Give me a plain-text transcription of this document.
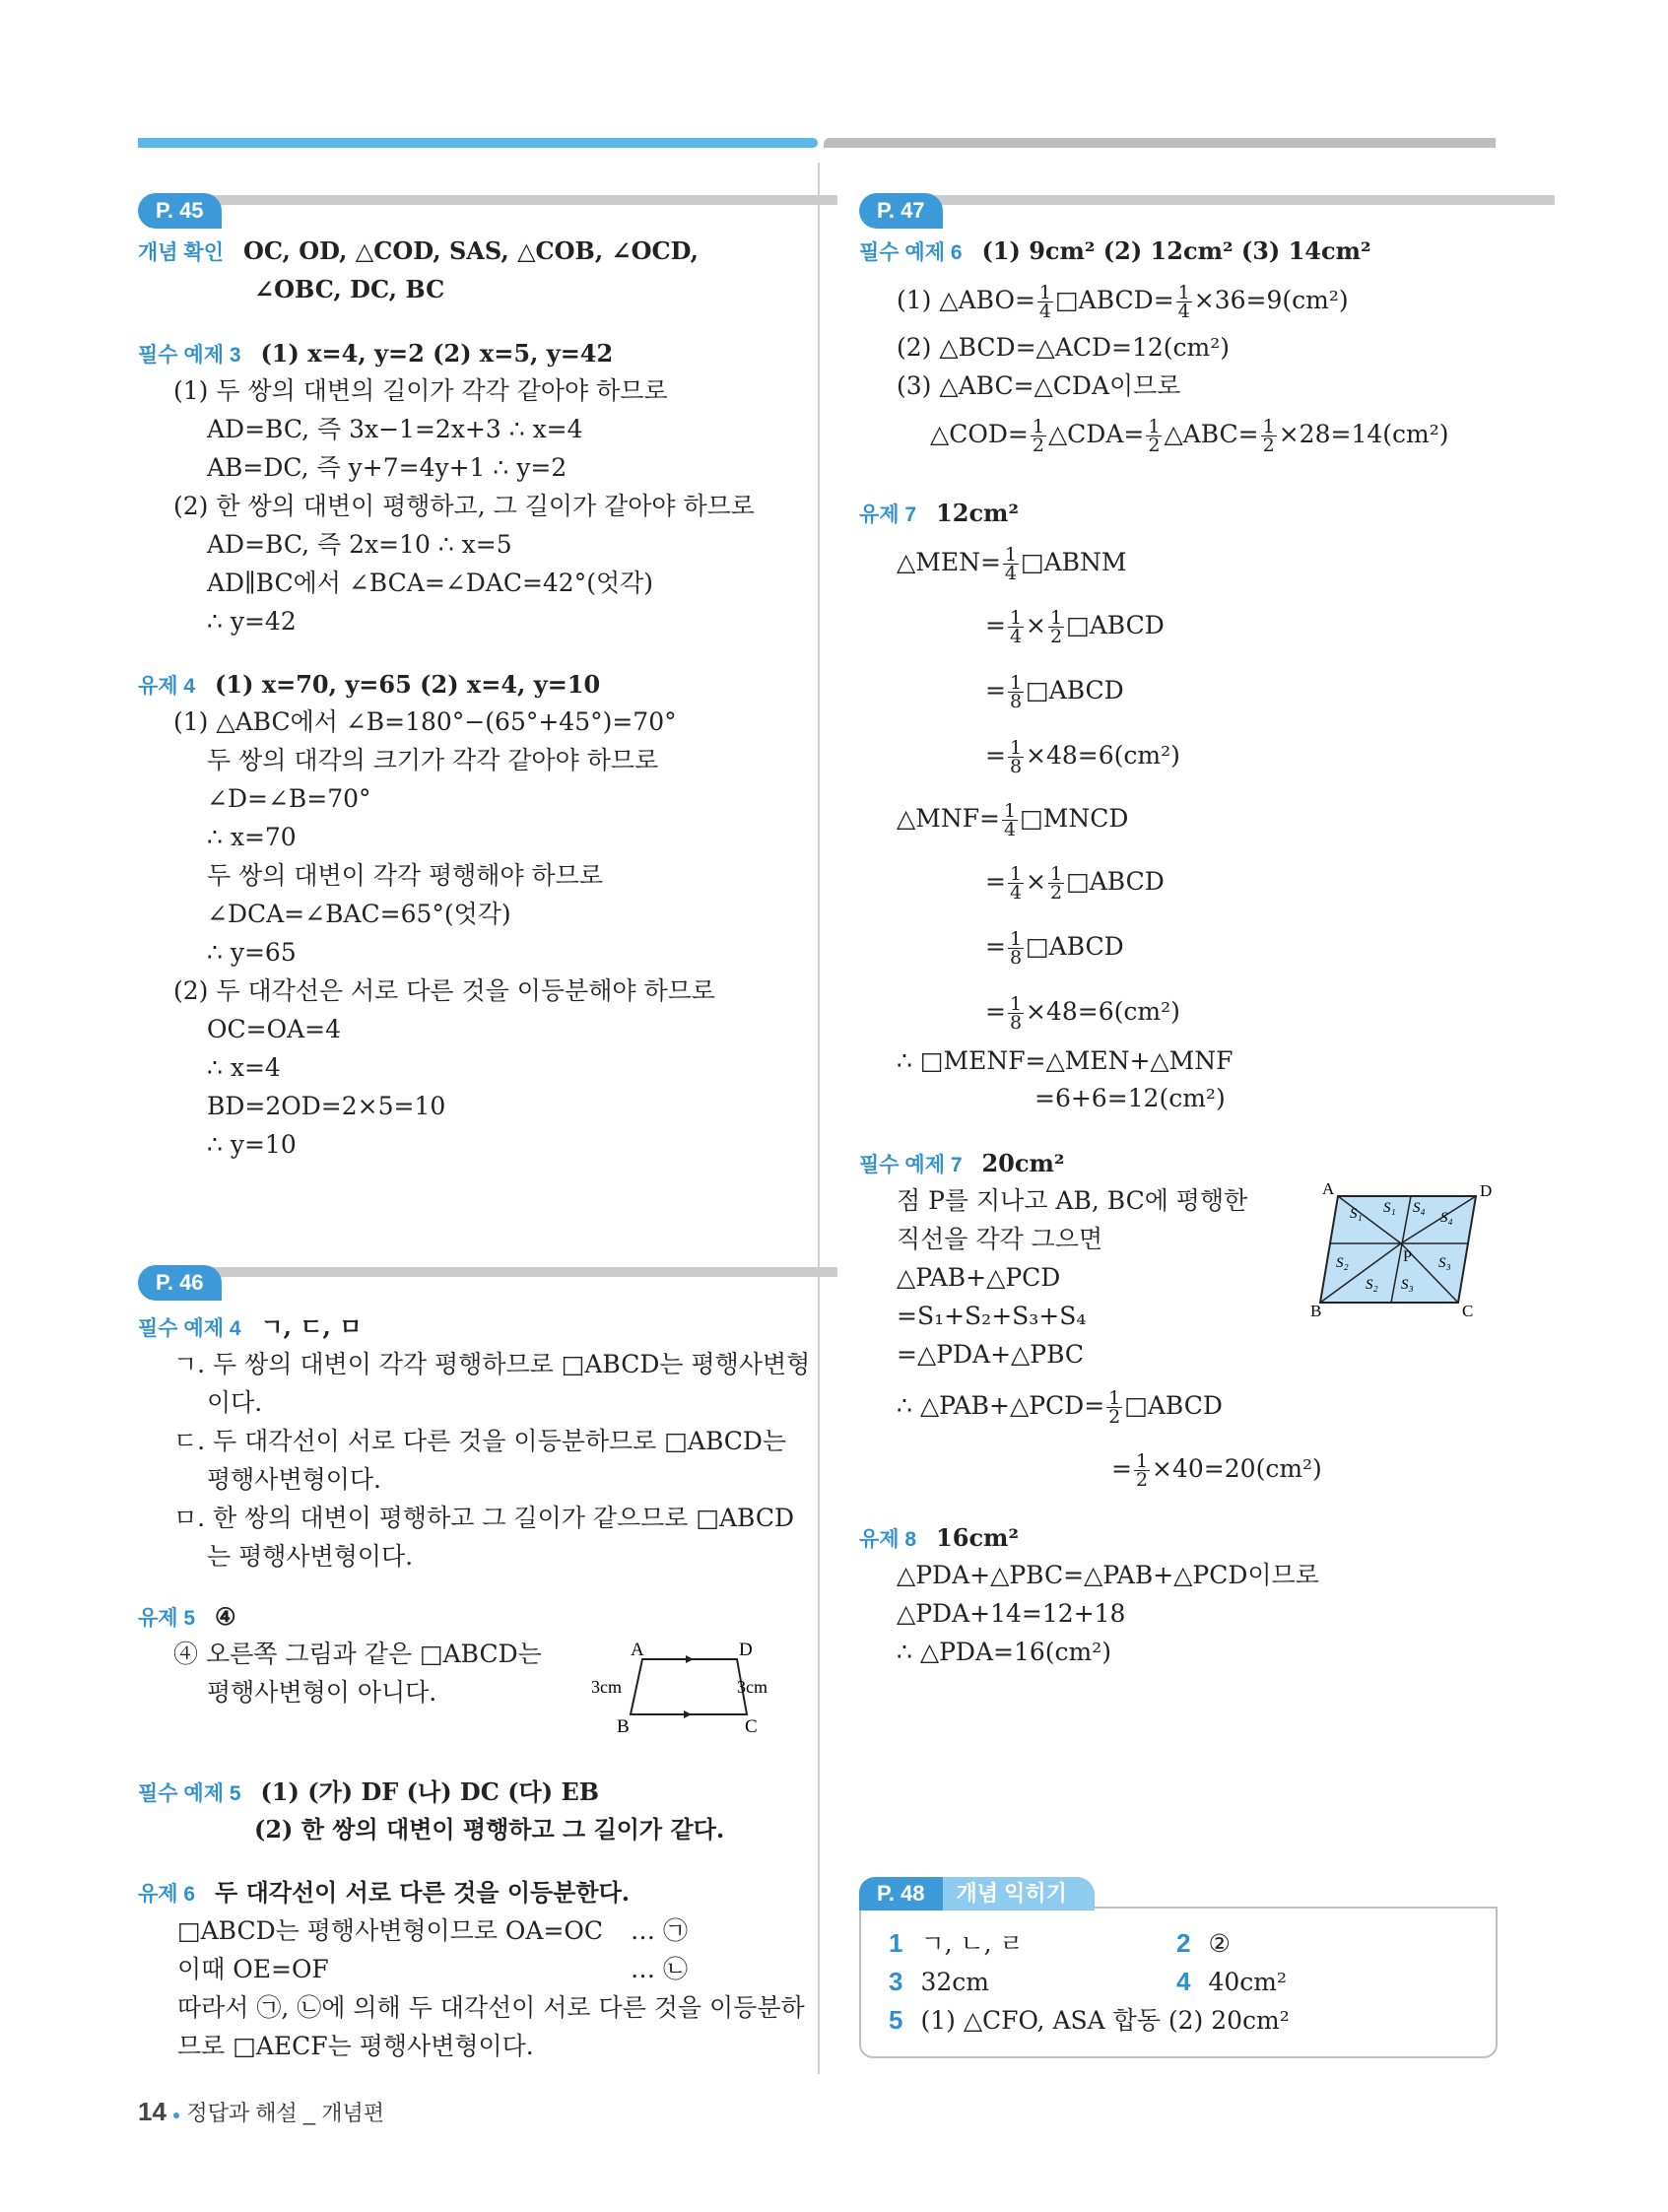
P. 45
개념 확인 OC, OD, △COD, SAS, △COB, ∠OCD,
∠OBC, DC, BC
필수 예제 3 (1) x=4, y=2 (2) x=5, y=42
(1) 두 쌍의 대변의 길이가 각각 같아야 하므로
AD=BC, 즉 3x−1=2x+3 ∴ x=4
AB=DC, 즉 y+7=4y+1 ∴ y=2
(2) 한 쌍의 대변이 평행하고, 그 길이가 같아야 하므로
AD=BC, 즉 2x=10 ∴ x=5
AD∥BC에서 ∠BCA=∠DAC=42°(엇각)
∴ y=42
유제 4 (1) x=70, y=65 (2) x=4, y=10
(1) △ABC에서 ∠B=180°−(65°+45°)=70°
두 쌍의 대각의 크기가 각각 같아야 하므로
∠D=∠B=70°
∴ x=70
두 쌍의 대변이 각각 평행해야 하므로
∠DCA=∠BAC=65°(엇각)
∴ y=65
(2) 두 대각선은 서로 다른 것을 이등분해야 하므로
OC=OA=4
∴ x=4
BD=2OD=2×5=10
∴ y=10
P. 46
필수 예제 4 ㄱ, ㄷ, ㅁ
ㄱ. 두 쌍의 대변이 각각 평행하므로 □ABCD는 평행사변형
이다.
ㄷ. 두 대각선이 서로 다른 것을 이등분하므로 □ABCD는
평행사변형이다.
ㅁ. 한 쌍의 대변이 평행하고 그 길이가 같으므로 □ABCD
는 평행사변형이다.
유제 5 ④
④ 오른쪽 그림과 같은 □ABCD는
평행사변형이 아니다.
A	D
B	C
3cm	3cm
필수 예제 5 (1) (가) DF (나) DC (다) EB
(2) 한 쌍의 대변이 평행하고 그 길이가 같다.
유제 6 두 대각선이 서로 다른 것을 이등분한다.
□ABCD는 평행사변형이므로 OA=OC
이때 OE=OF
따라서 ㉠, ㉡에 의해 두 대각선이 서로 다른 것을 이등분하
므로 □AECF는 평행사변형이다.
… ㉠
… ㉡
P. 47
필수 예제 6 (1) 9cm² (2) 12cm² (3) 14cm²
(1) △ABO= $\frac{1}{4}$ □ABCD= $\frac{1}{4} \times 36=9(cm^2)$
(2) △BCD=△ACD=12(cm²)
(3) △ABC=△CDA이므로
△COD= $\frac{1}{2}$ △CDA= $\frac{1}{2}$ △ABC= $\frac{1}{2} \times 28=14(cm^2)$
유제 7 12cm²
△MEN= $\frac{1}{4}$ □ABNM
= $\frac{1}{4} \times \frac{1}{2}$ □ABCD
= $\frac{1}{8}$ □ABCD
= $\frac{1}{8} \times 48=6(cm^2)$
△MNF= $\frac{1}{4}$ □MNCD
= $\frac{1}{4} \times \frac{1}{2}$ □ABCD
= $\frac{1}{8}$ □ABCD
= $\frac{1}{8} \times 48=6(cm^2)$
∴ □MENF=△MEN+△MNF
=6+6=12(cm²)
필수 예제 7 20cm²
점 P를 지나고 AB, BC에 평행한
직선을 각각 그으면
△PAB+△PCD
=S₁+S₂+S₃+S₄
=△PDA+△PBC
∴ △PAB+△PCD= $\frac{1}{2}$ □ABCD
= $\frac{1}{2} \times 40=20(cm^2)$
A	D
B	C
P
S₁ S₁ S₄
S₄
S₂
S₂ S₃
S₃
유제 8 16cm²
△PDA+△PBC=△PAB+△PCD이므로
△PDA+14=12+18
∴ △PDA=16(cm²)
P. 48	개념 익히기
1 ㄱ, ㄴ, ㄹ	2 ②
3 32cm	4 40cm²
5 (1) △CFO, ASA 합동 (2) 20cm²
14 ● 정답과 해설 _ 개념편
